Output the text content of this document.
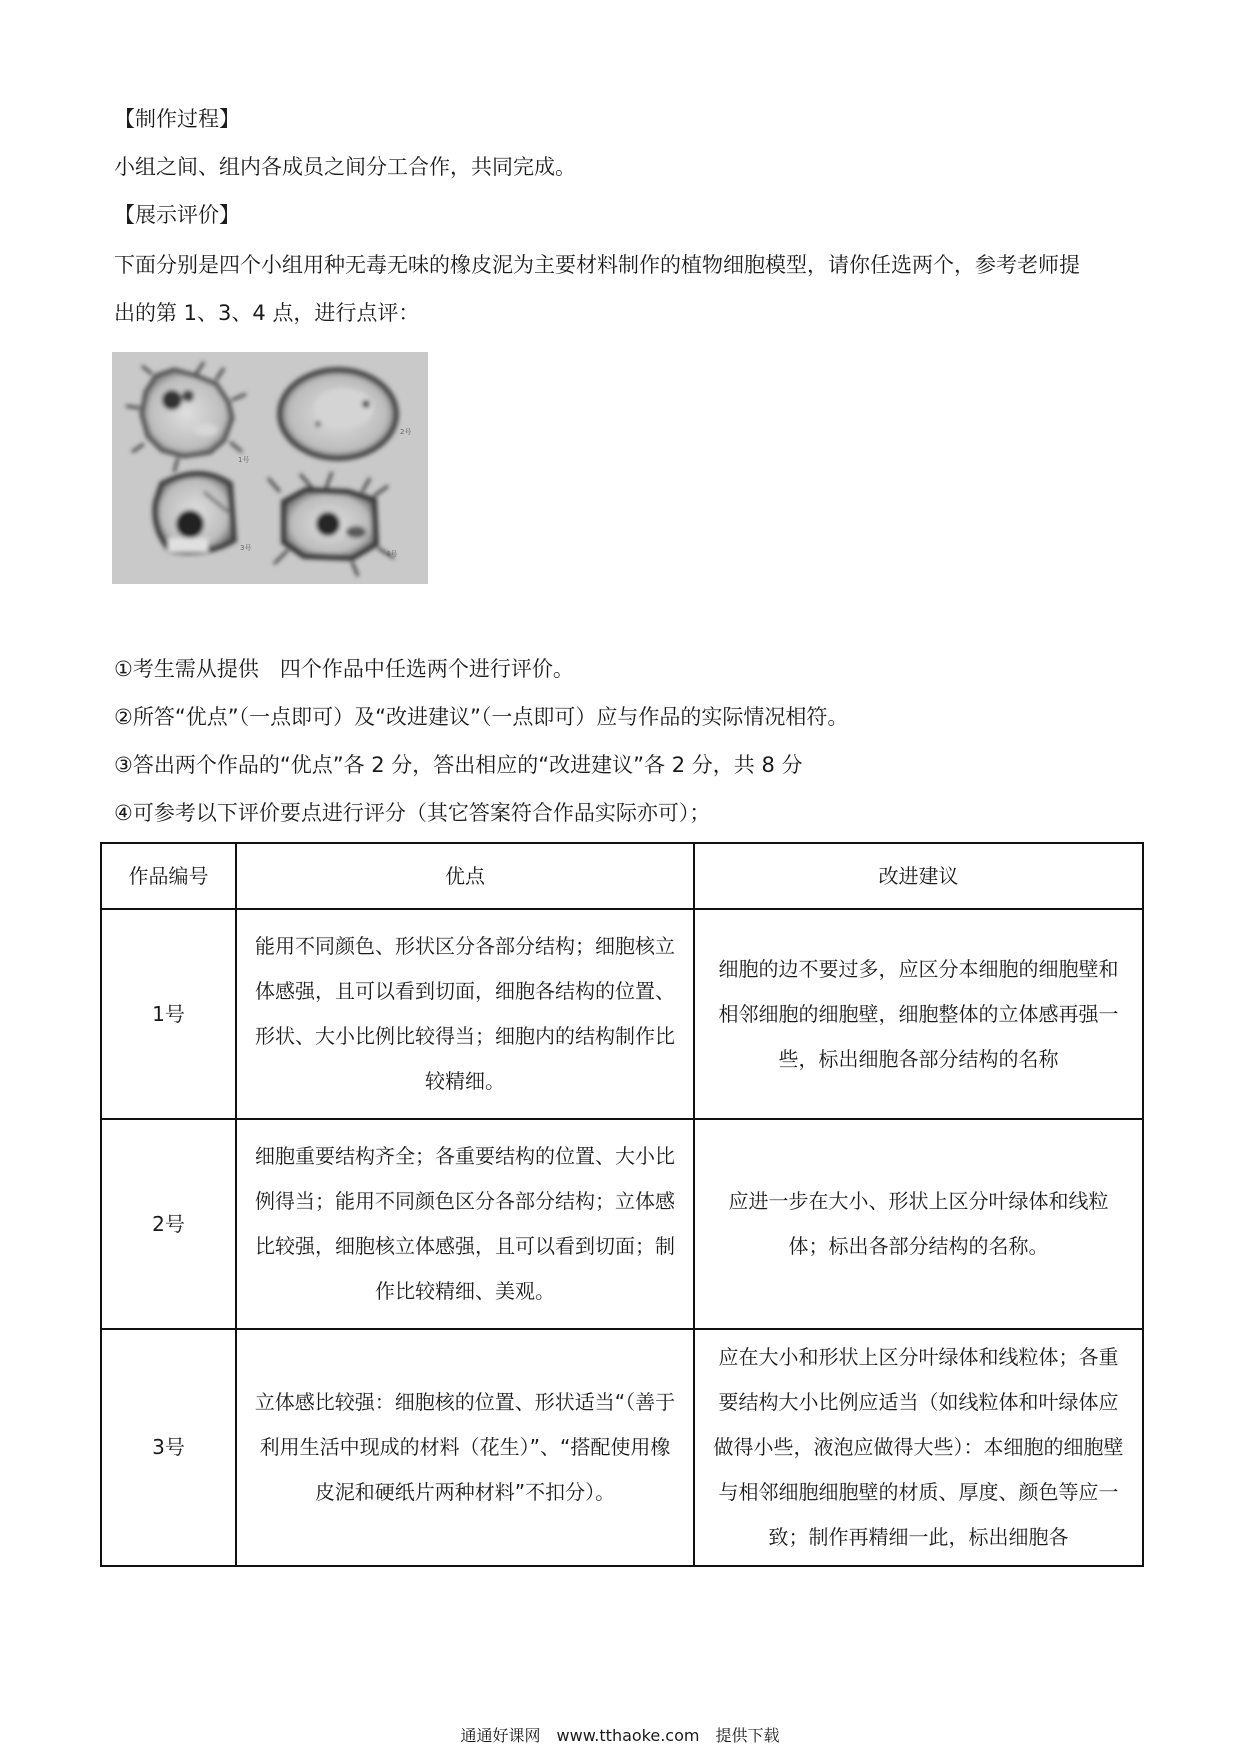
【制作过程】
小组之间、组内各成员之间分工合作，共同完成。
【展示评价】
下面分别是四个小组用种无毒无味的橡皮泥为主要材料制作的植物细胞模型，请你任选两个，参考老师提
出的第 1、3、4 点，进行点评：
1号
2号
3号
4号
①考生需从提供　四个作品中任选两个进行评价。
②所答“优点”（一点即可）及“改进建议”（一点即可）应与作品的实际情况相符。
③答出两个作品的“优点”各 2 分，答出相应的“改进建议”各 2 分，共 8 分
④可参考以下评价要点进行评分（其它答案符合作品实际亦可）；
作品编号	优点	改进建议
1号	能用不同颜色、形状区分各部分结构；细胞核立体感强，且可以看到切面，细胞各结构的位置、形状、大小比例比较得当；细胞内的结构制作比较精细。	细胞的边不要过多，应区分本细胞的细胞壁和相邻细胞的细胞壁，细胞整体的立体感再强一些，标出细胞各部分结构的名称
2号	细胞重要结构齐全；各重要结构的位置、大小比例得当；能用不同颜色区分各部分结构；立体感比较强，细胞核立体感强，且可以看到切面；制作比较精细、美观。	应进一步在大小、形状上区分叶绿体和线粒体；标出各部分结构的名称。
3号	立体感比较强：细胞核的位置、形状适当“（善于利用生活中现成的材料（花生）”、“搭配使用橡皮泥和硬纸片两种材料”不扣分）。	应在大小和形状上区分叶绿体和线粒体；各重要结构大小比例应适当（如线粒体和叶绿体应做得小些，液泡应做得大些）：本细胞的细胞壁与相邻细胞细胞壁的材质、厚度、颜色等应一致；制作再精细一此，标出细胞各
通通好课网　www.tthaoke.com　提供下载
